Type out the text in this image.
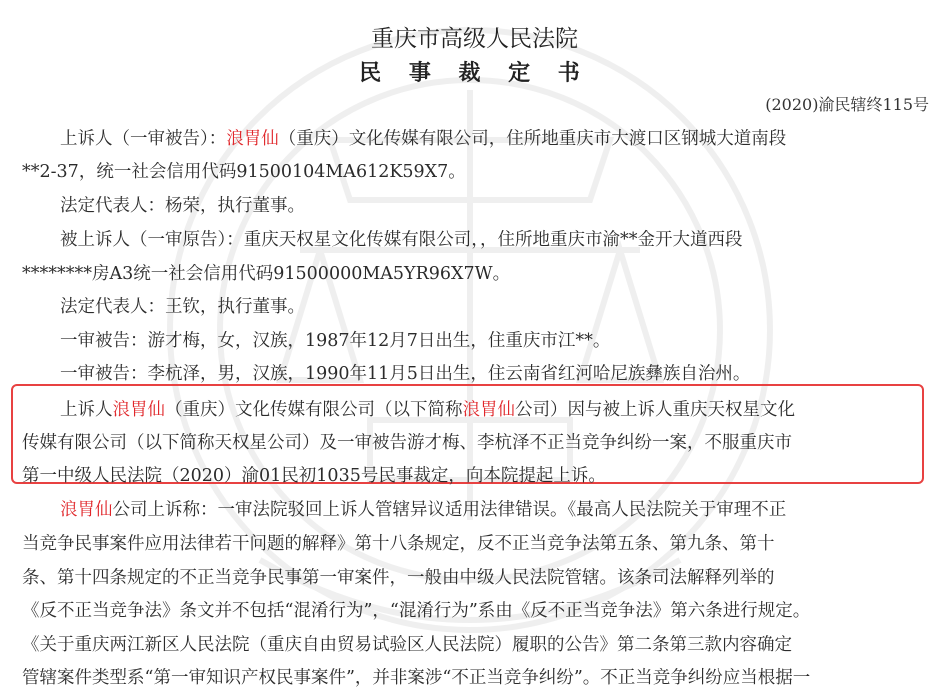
重庆市高级人民法院
民 事 裁 定 书
(2020)渝民辖终115号
上诉人（一审被告）：浪胃仙（重庆）文化传媒有限公司，住所地重庆市大渡口区钢城大道南段
**2-37，统一社会信用代码91500104MA612K59X7。
法定代表人：杨荣，执行董事。
被上诉人（一审原告）：重庆天权星文化传媒有限公司，，住所地重庆市渝**金开大道西段
********房A3统一社会信用代码91500000MA5YR96X7W。
法定代表人：王钦，执行董事。
一审被告：游才梅，女，汉族，1987年12月7日出生，住重庆市江**。
一审被告：李杭泽，男，汉族，1990年11月5日出生，住云南省红河哈尼族彝族自治州。
上诉人浪胃仙（重庆）文化传媒有限公司（以下简称浪胃仙公司）因与被上诉人重庆天权星文化
传媒有限公司（以下简称天权星公司）及一审被告游才梅、李杭泽不正当竞争纠纷一案，不服重庆市
第一中级人民法院（2020）渝01民初1035号民事裁定，向本院提起上诉。
浪胃仙公司上诉称：一审法院驳回上诉人管辖异议适用法律错误。《最高人民法院关于审理不正
当竞争民事案件应用法律若干问题的解释》第十八条规定，反不正当竞争法第五条、第九条、第十
条、第十四条规定的不正当竞争民事第一审案件，一般由中级人民法院管辖。该条司法解释列举的
《反不正当竞争法》条文并不包括“混淆行为”，“混淆行为”系由《反不正当竞争法》第六条进行规定。
《关于重庆两江新区人民法院（重庆自由贸易试验区人民法院）履职的公告》第二条第三款内容确定
管辖案件类型系“第一审知识产权民事案件”，并非案涉“不正当竞争纠纷”。不正当竞争纠纷应当根据一
